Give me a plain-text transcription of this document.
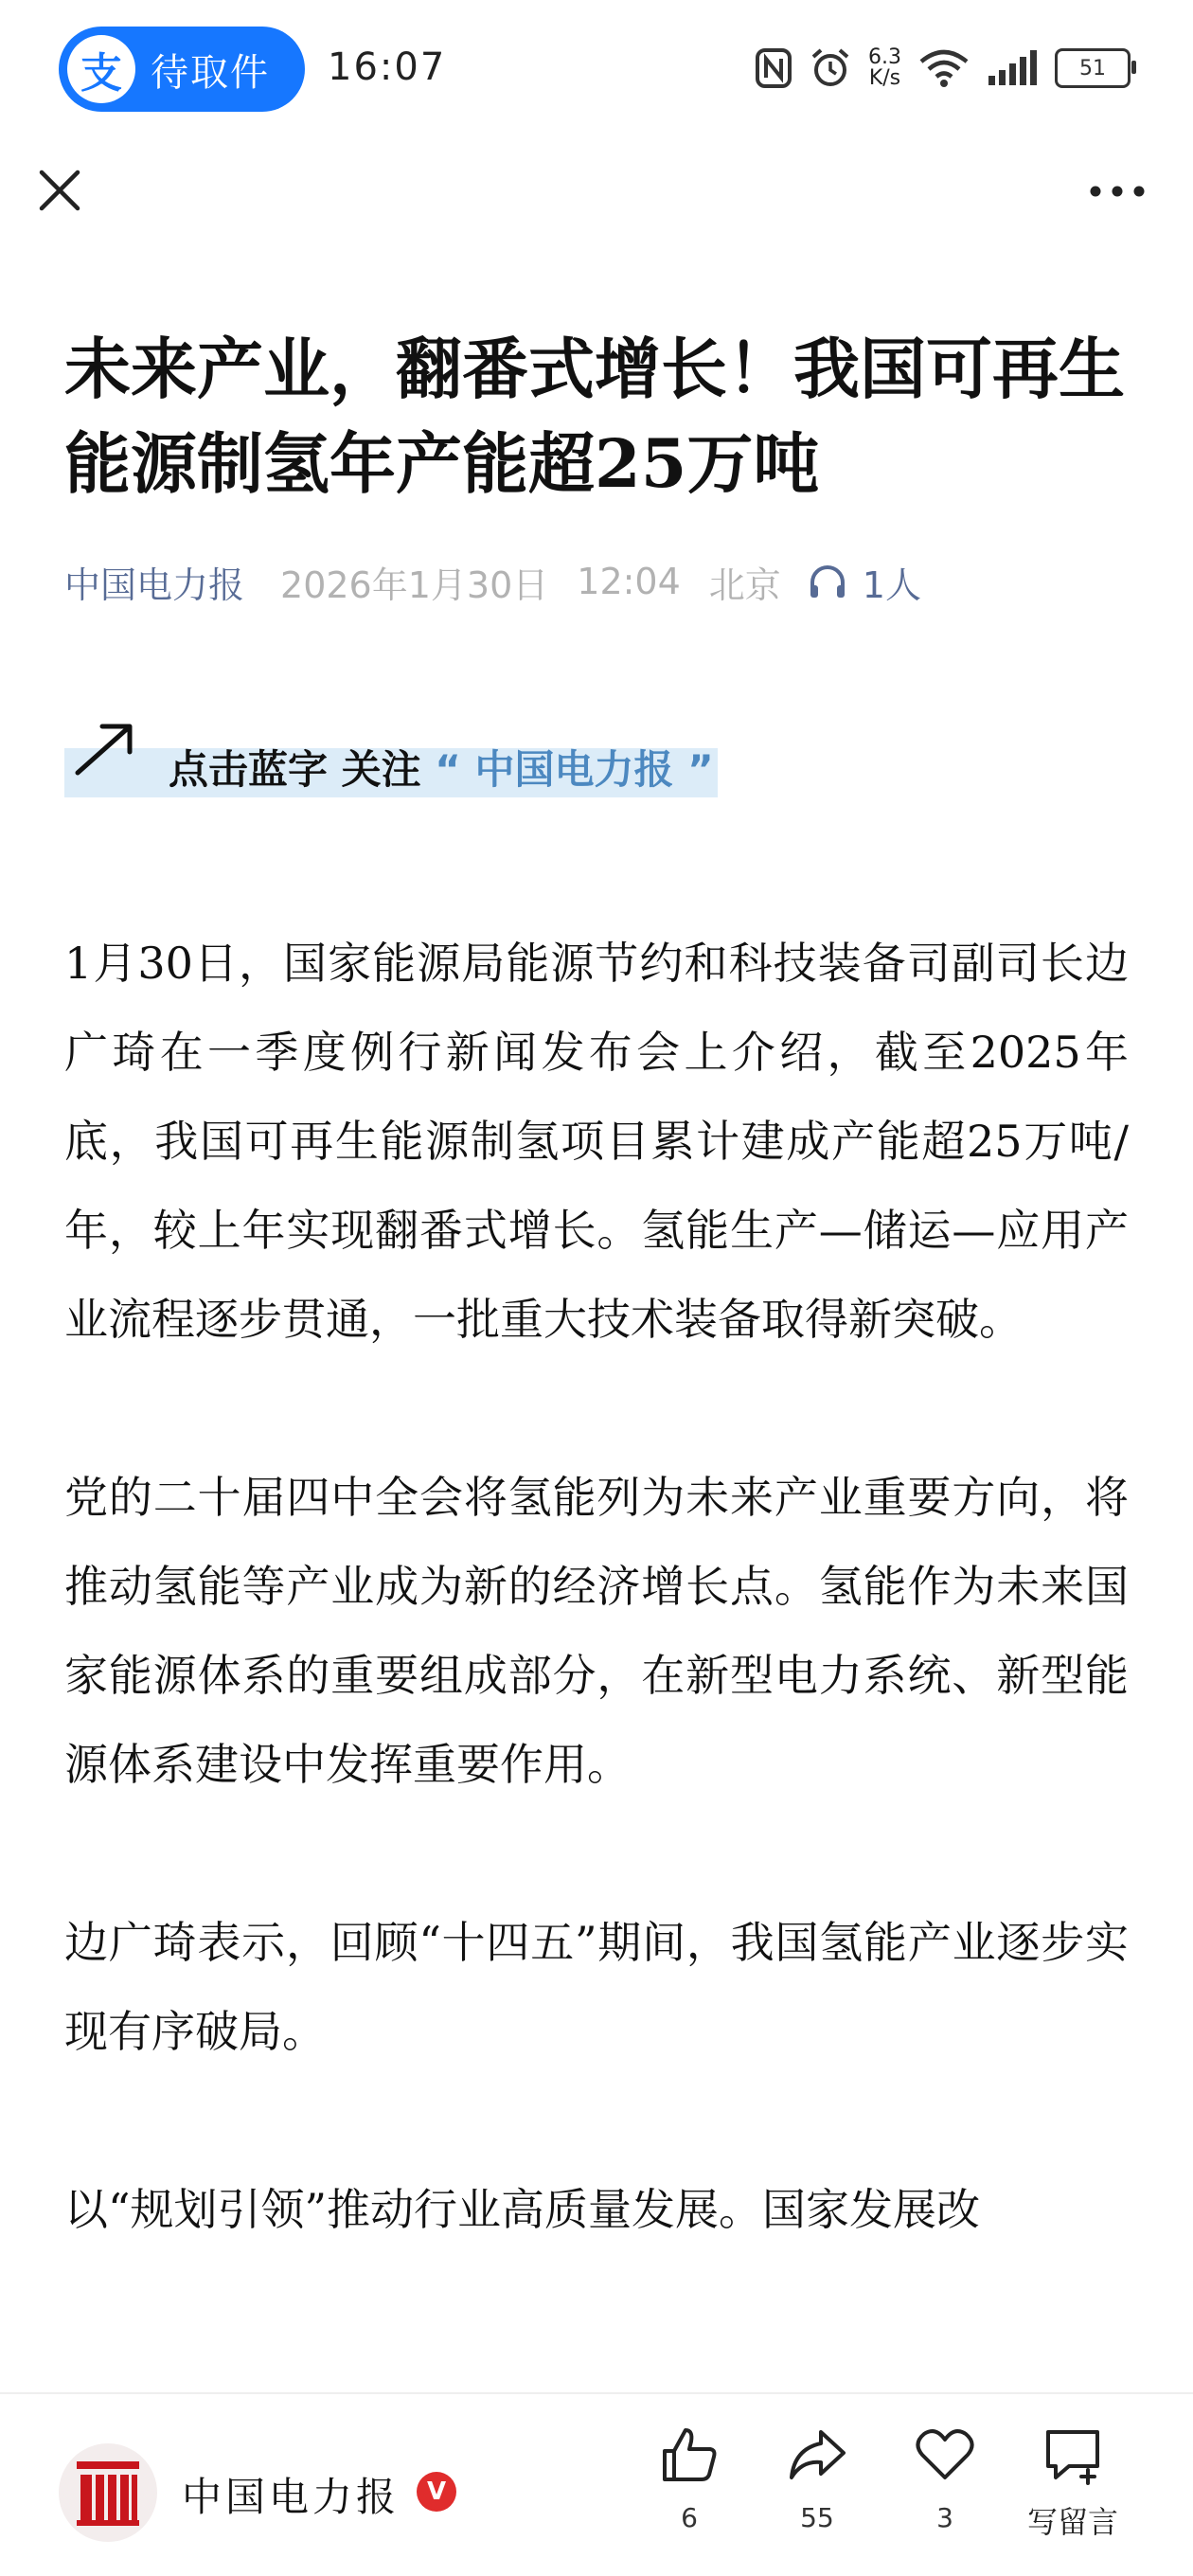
支 待取件 16:07	6.3
K/s	51
未来产业，翻番式增长！我国可再生能源制氢年产能超25万吨
中国电力报 2026年1月30日 12:04 北京 1人
点击蓝字 关注 “ 中国电力报 ”

1月30日，国家能源局能源节约和科技装备司副司长边广琦在一季度例行新闻发布会上介绍，截至2025年底，我国可再生能源制氢项目累计建成产能超25万吨/年，较上年实现翻番式增长。氢能生产—储运—应用产业流程逐步贯通，一批重大技术装备取得新突破。

党的二十届四中全会将氢能列为未来产业重要方向，将推动氢能等产业成为新的经济增长点。氢能作为未来国家能源体系的重要组成部分，在新型电力系统、新型能源体系建设中发挥重要作用。

边广琦表示，回顾“十四五”期间，我国氢能产业逐步实现有序破局。

以“规划引领”推动行业高质量发展。国家发展改

中国电力报	V
6	55	3 写留言
